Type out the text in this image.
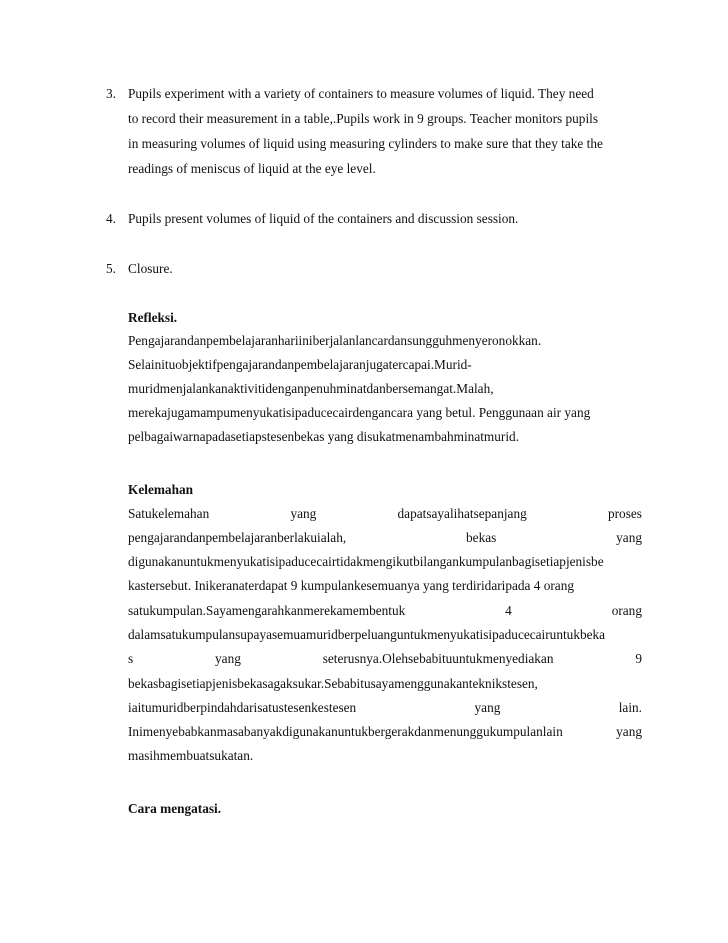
3. Pupils experiment with a variety of containers to measure volumes of liquid. They need
to record their measurement in a table,.Pupils work in 9 groups. Teacher monitors pupils
in measuring volumes of liquid using measuring cylinders to make sure that they take the
readings of meniscus of liquid at the eye level.
4. Pupils present volumes of liquid of the containers and discussion session.
5. Closure.
Refleksi.
Pengajarandanpembelajaranhariiniberjalanlancardansungguhmenyeronokkan.
Selainituobjektifpengajarandanpembelajaranjugatercapai.Murid-
muridmenjalankanaktivitidenganpenuhminatdanbersemangat.Malah,
merekajugamampumenyukatisipaducecairdengancara yang betul. Penggunaan air yang
pelbagaiwarnapadasetiapstesenbekas yang disukatmenambahminatmurid.
Kelemahan
Satukelemahan	yang	dapatsayalihatsepanjang	proses
pengajarandanpembelajaranberlakuialah,	bekas	yang
digunakanuntukmenyukatisipaducecairtidakmengikutbilangankumpulanbagisetiapjenisbe
kastersebut. Inikeranaterdapat 9 kumpulankesemuanya yang terdiridaripada 4 orang
satukumpulan.Sayamengarahkanmerekamembentuk	4	orang
dalamsatukumpulansupayasemuamuridberpeluanguntukmenyukatisipaducecairuntukbeka
s	yang	seterusnya.Olehsebabituuntukmenyediakan	9
bekasbagisetiapjenisbekasagaksukar.Sebabitusayamenggunakanteknikstesen,
iaitumuridberpindahdarisatustesenkestesen	yang	lain.
Inimenyebabkanmasabanyakdigunakanuntukbergerakdanmenunggukumpulanlain	yang
masihmembuatsukatan.
Cara mengatasi.
